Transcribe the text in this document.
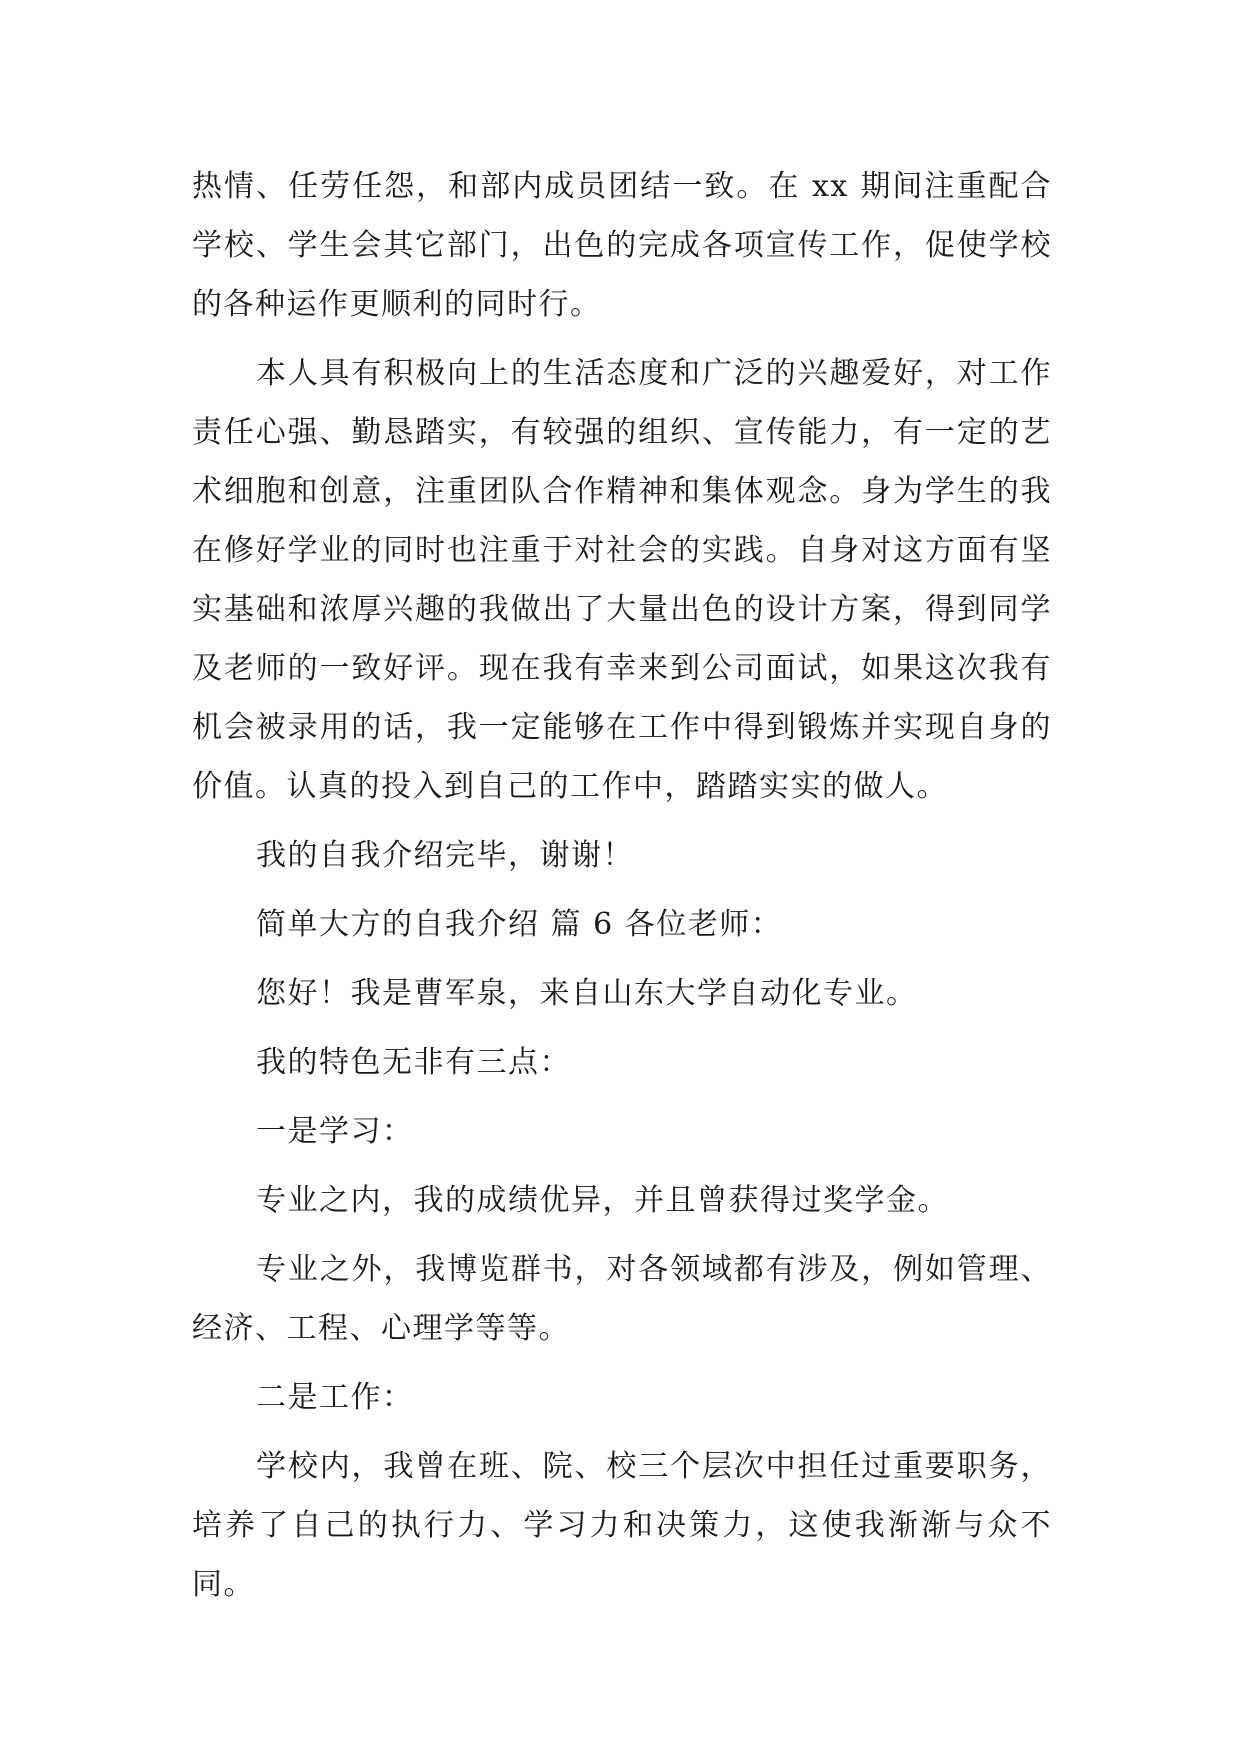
热情、任劳任怨，和部内成员团结一致。在 xx 期间注重配合学校、学生会其它部门，出色的完成各项宣传工作，促使学校的各种运作更顺利的同时行。

本人具有积极向上的生活态度和广泛的兴趣爱好，对工作责任心强、勤恳踏实，有较强的组织、宣传能力，有一定的艺术细胞和创意，注重团队合作精神和集体观念。身为学生的我在修好学业的同时也注重于对社会的实践。自身对这方面有坚实基础和浓厚兴趣的我做出了大量出色的设计方案，得到同学及老师的一致好评。现在我有幸来到公司面试，如果这次我有机会被录用的话，我一定能够在工作中得到锻炼并实现自身的价值。认真的投入到自己的工作中，踏踏实实的做人。

我的自我介绍完毕，谢谢！

简单大方的自我介绍 篇 6 各位老师：

您好！我是曹军泉，来自山东大学自动化专业。

我的特色无非有三点：

一是学习：

专业之内，我的成绩优异，并且曾获得过奖学金。

专业之外，我博览群书，对各领域都有涉及，例如管理、经济、工程、心理学等等。

二是工作：

学校内，我曾在班、院、校三个层次中担任过重要职务，培养了自己的执行力、学习力和决策力，这使我渐渐与众不同。
